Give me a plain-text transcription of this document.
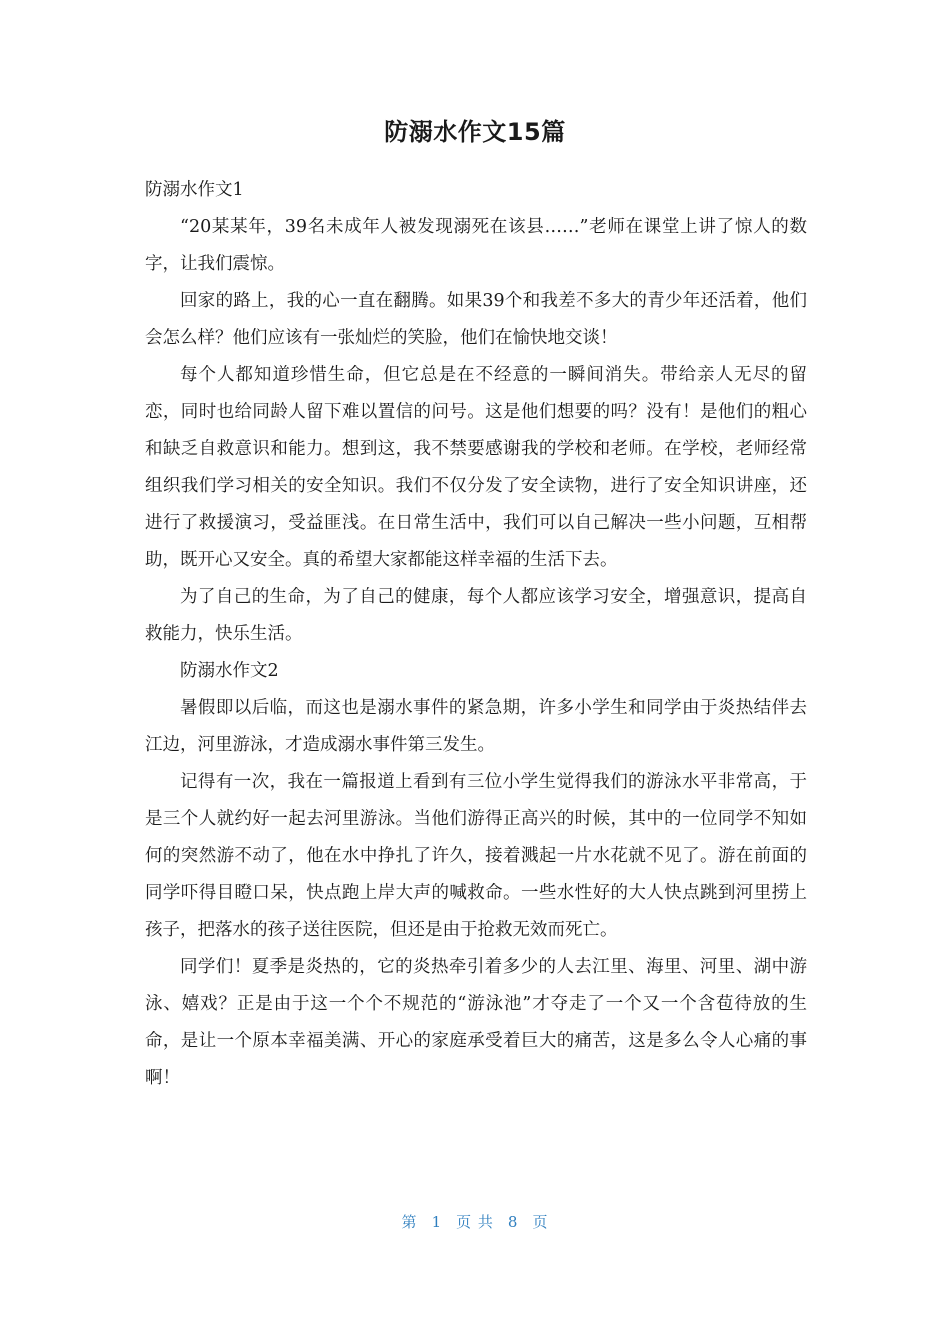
防溺水作文15篇

防溺水作文1

“20某某年，39名未成年人被发现溺死在该县……”老师在课堂上讲了惊人的数字，让我们震惊。

回家的路上，我的心一直在翻腾。如果39个和我差不多大的青少年还活着，他们会怎么样？他们应该有一张灿烂的笑脸，他们在愉快地交谈！

每个人都知道珍惜生命，但它总是在不经意的一瞬间消失。带给亲人无尽的留恋，同时也给同龄人留下难以置信的问号。这是他们想要的吗？没有！是他们的粗心和缺乏自救意识和能力。想到这，我不禁要感谢我的学校和老师。在学校，老师经常组织我们学习相关的安全知识。我们不仅分发了安全读物，进行了安全知识讲座，还进行了救援演习，受益匪浅。在日常生活中，我们可以自己解决一些小问题，互相帮助，既开心又安全。真的希望大家都能这样幸福的生活下去。

为了自己的生命，为了自己的健康，每个人都应该学习安全，增强意识，提高自救能力，快乐生活。

防溺水作文2

暑假即以后临，而这也是溺水事件的紧急期，许多小学生和同学由于炎热结伴去江边，河里游泳，才造成溺水事件第三发生。

记得有一次，我在一篇报道上看到有三位小学生觉得我们的游泳水平非常高，于是三个人就约好一起去河里游泳。当他们游得正高兴的时候，其中的一位同学不知如何的突然游不动了，他在水中挣扎了许久，接着溅起一片水花就不见了。游在前面的同学吓得目瞪口呆，快点跑上岸大声的喊救命。一些水性好的大人快点跳到河里捞上孩子，把落水的孩子送往医院，但还是由于抢救无效而死亡。

同学们！夏季是炎热的，它的炎热牵引着多少的人去江里、海里、河里、湖中游泳、嬉戏？正是由于这一个个不规范的“游泳池”才夺走了一个又一个含苞待放的生命，是让一个原本幸福美满、开心的家庭承受着巨大的痛苦，这是多么令人心痛的事啊！

第 1 页 共 8 页
